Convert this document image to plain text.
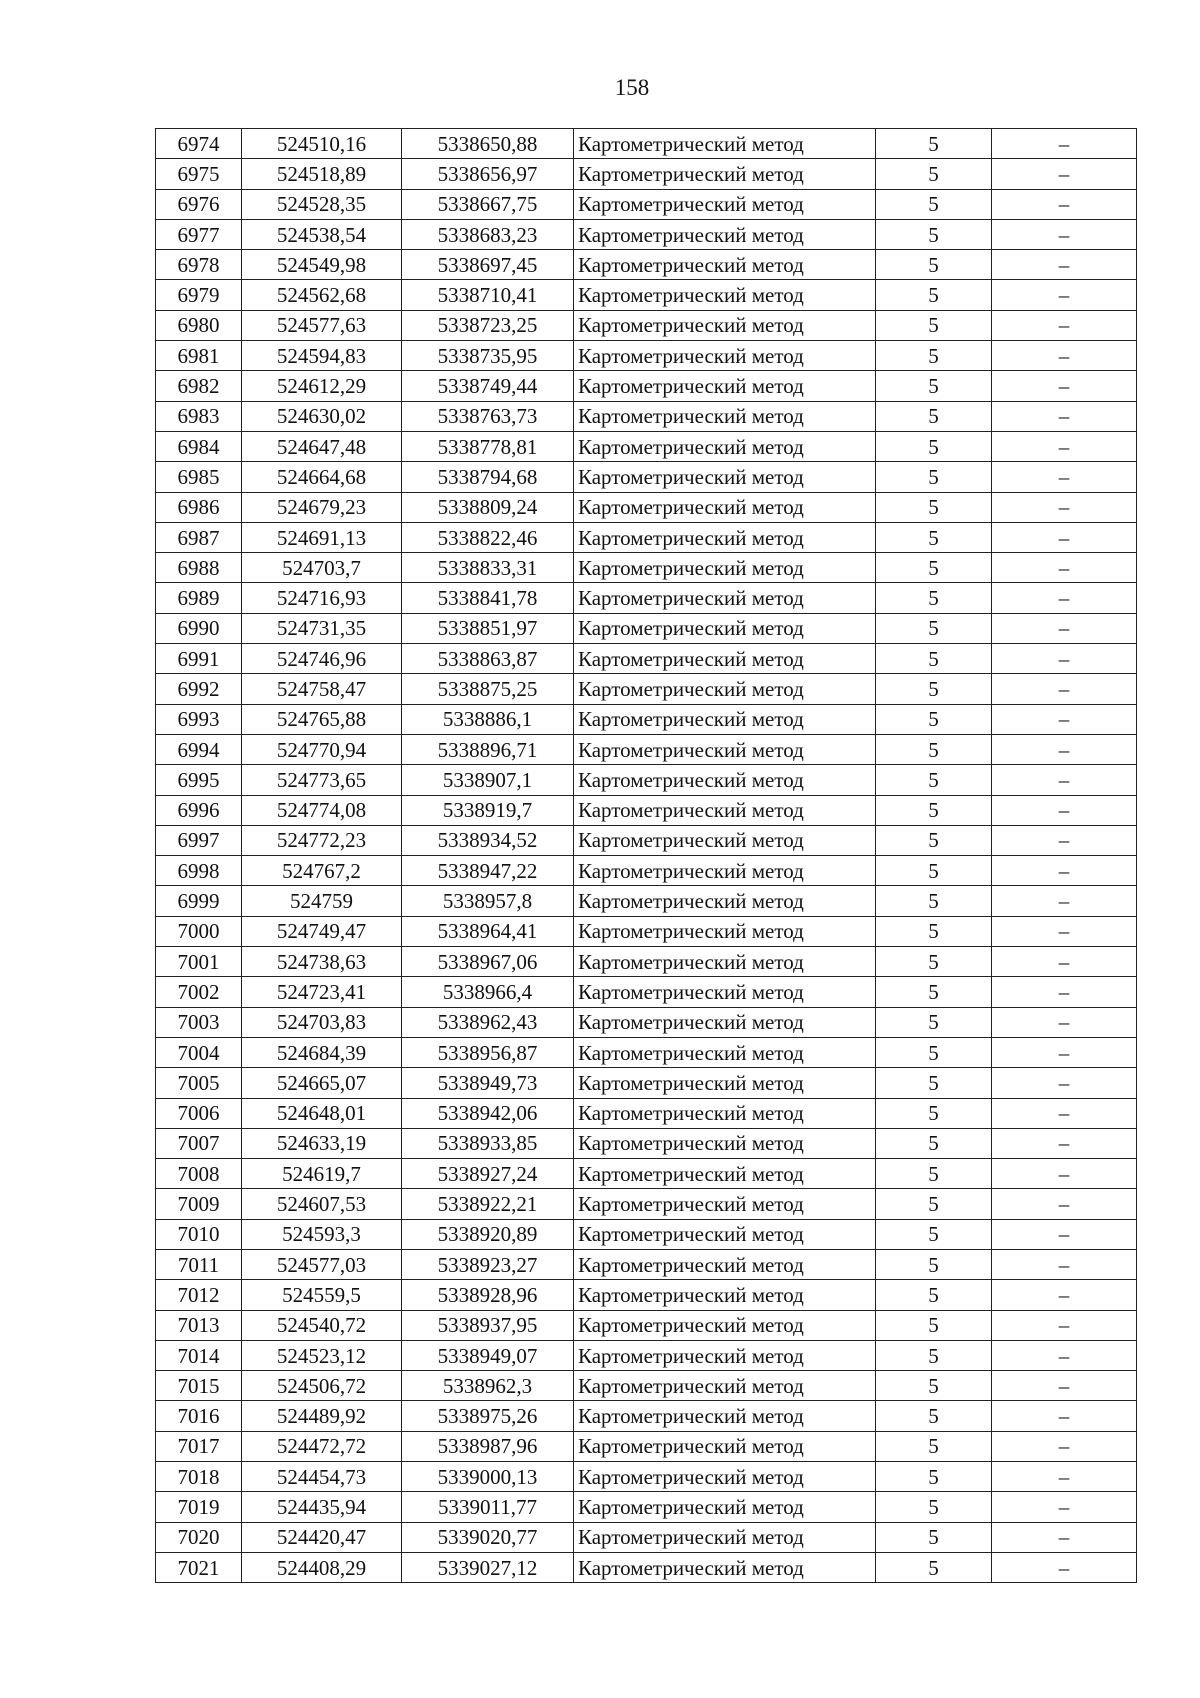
158
6974	524510,16	5338650,88	Картометрический метод	5	–
6975	524518,89	5338656,97	Картометрический метод	5	–
6976	524528,35	5338667,75	Картометрический метод	5	–
6977	524538,54	5338683,23	Картометрический метод	5	–
6978	524549,98	5338697,45	Картометрический метод	5	–
6979	524562,68	5338710,41	Картометрический метод	5	–
6980	524577,63	5338723,25	Картометрический метод	5	–
6981	524594,83	5338735,95	Картометрический метод	5	–
6982	524612,29	5338749,44	Картометрический метод	5	–
6983	524630,02	5338763,73	Картометрический метод	5	–
6984	524647,48	5338778,81	Картометрический метод	5	–
6985	524664,68	5338794,68	Картометрический метод	5	–
6986	524679,23	5338809,24	Картометрический метод	5	–
6987	524691,13	5338822,46	Картометрический метод	5	–
6988	524703,7	5338833,31	Картометрический метод	5	–
6989	524716,93	5338841,78	Картометрический метод	5	–
6990	524731,35	5338851,97	Картометрический метод	5	–
6991	524746,96	5338863,87	Картометрический метод	5	–
6992	524758,47	5338875,25	Картометрический метод	5	–
6993	524765,88	5338886,1	Картометрический метод	5	–
6994	524770,94	5338896,71	Картометрический метод	5	–
6995	524773,65	5338907,1	Картометрический метод	5	–
6996	524774,08	5338919,7	Картометрический метод	5	–
6997	524772,23	5338934,52	Картометрический метод	5	–
6998	524767,2	5338947,22	Картометрический метод	5	–
6999	524759	5338957,8	Картометрический метод	5	–
7000	524749,47	5338964,41	Картометрический метод	5	–
7001	524738,63	5338967,06	Картометрический метод	5	–
7002	524723,41	5338966,4	Картометрический метод	5	–
7003	524703,83	5338962,43	Картометрический метод	5	–
7004	524684,39	5338956,87	Картометрический метод	5	–
7005	524665,07	5338949,73	Картометрический метод	5	–
7006	524648,01	5338942,06	Картометрический метод	5	–
7007	524633,19	5338933,85	Картометрический метод	5	–
7008	524619,7	5338927,24	Картометрический метод	5	–
7009	524607,53	5338922,21	Картометрический метод	5	–
7010	524593,3	5338920,89	Картометрический метод	5	–
7011	524577,03	5338923,27	Картометрический метод	5	–
7012	524559,5	5338928,96	Картометрический метод	5	–
7013	524540,72	5338937,95	Картометрический метод	5	–
7014	524523,12	5338949,07	Картометрический метод	5	–
7015	524506,72	5338962,3	Картометрический метод	5	–
7016	524489,92	5338975,26	Картометрический метод	5	–
7017	524472,72	5338987,96	Картометрический метод	5	–
7018	524454,73	5339000,13	Картометрический метод	5	–
7019	524435,94	5339011,77	Картометрический метод	5	–
7020	524420,47	5339020,77	Картометрический метод	5	–
7021	524408,29	5339027,12	Картометрический метод	5	–
